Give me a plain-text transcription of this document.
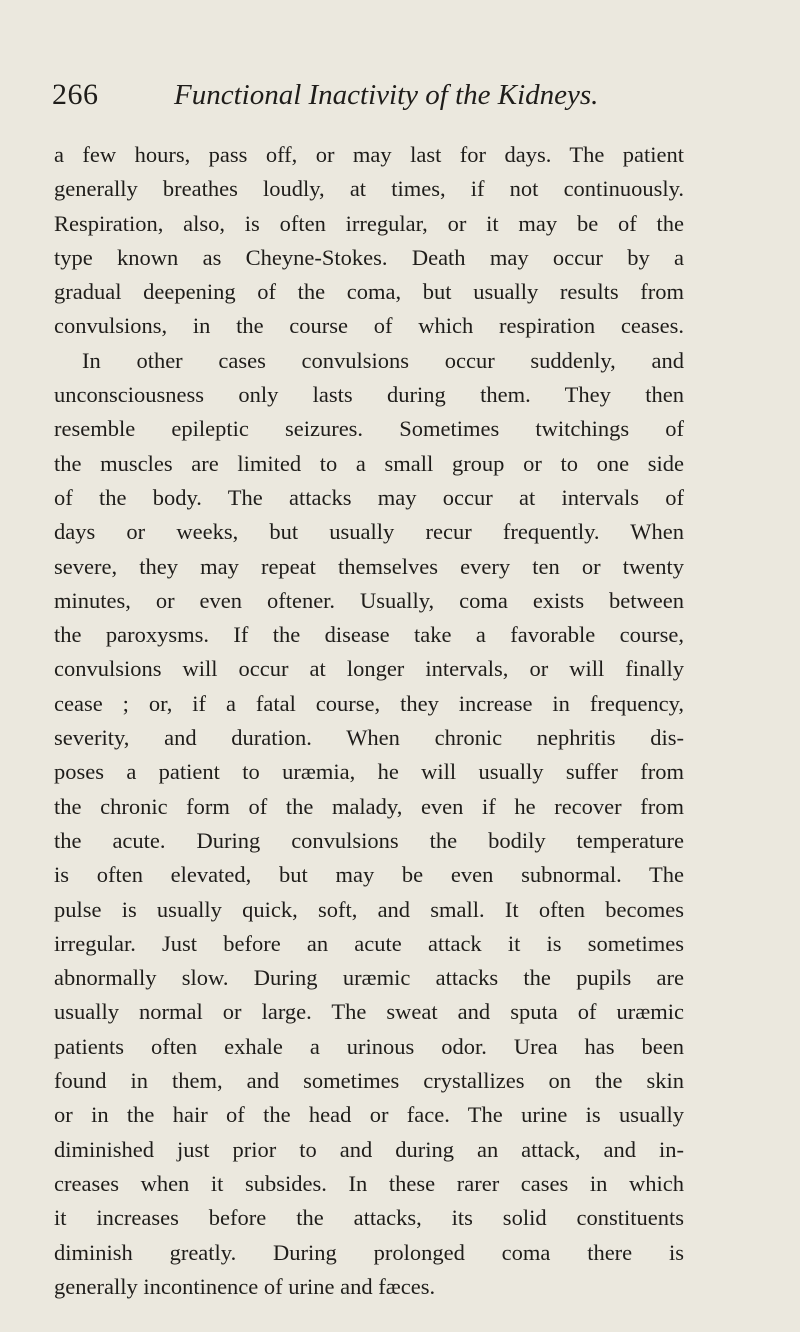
266	Functional Inactivity of the Kidneys.
a few hours, pass off, or may last for days. The patient
generally breathes loudly, at times, if not continuously.
Respiration, also, is often irregular, or it may be of the
type known as Cheyne-Stokes. Death may occur by a
gradual deepening of the coma, but usually results from
convulsions, in the course of which respiration ceases.
In other cases convulsions occur suddenly, and
unconsciousness only lasts during them. They then
resemble epileptic seizures. Sometimes twitchings of
the muscles are limited to a small group or to one side
of the body. The attacks may occur at intervals of
days or weeks, but usually recur frequently. When
severe, they may repeat themselves every ten or twenty
minutes, or even oftener. Usually, coma exists between
the paroxysms. If the disease take a favorable course,
convulsions will occur at longer intervals, or will finally
cease ; or, if a fatal course, they increase in frequency,
severity, and duration. When chronic nephritis dis-
poses a patient to uræmia, he will usually suffer from
the chronic form of the malady, even if he recover from
the acute. During convulsions the bodily temperature
is often elevated, but may be even subnormal. The
pulse is usually quick, soft, and small. It often becomes
irregular. Just before an acute attack it is sometimes
abnormally slow. During uræmic attacks the pupils are
usually normal or large. The sweat and sputa of uræmic
patients often exhale a urinous odor. Urea has been
found in them, and sometimes crystallizes on the skin
or in the hair of the head or face. The urine is usually
diminished just prior to and during an attack, and in-
creases when it subsides. In these rarer cases in which
it increases before the attacks, its solid constituents
diminish greatly. During prolonged coma there is
generally incontinence of urine and fæces.
